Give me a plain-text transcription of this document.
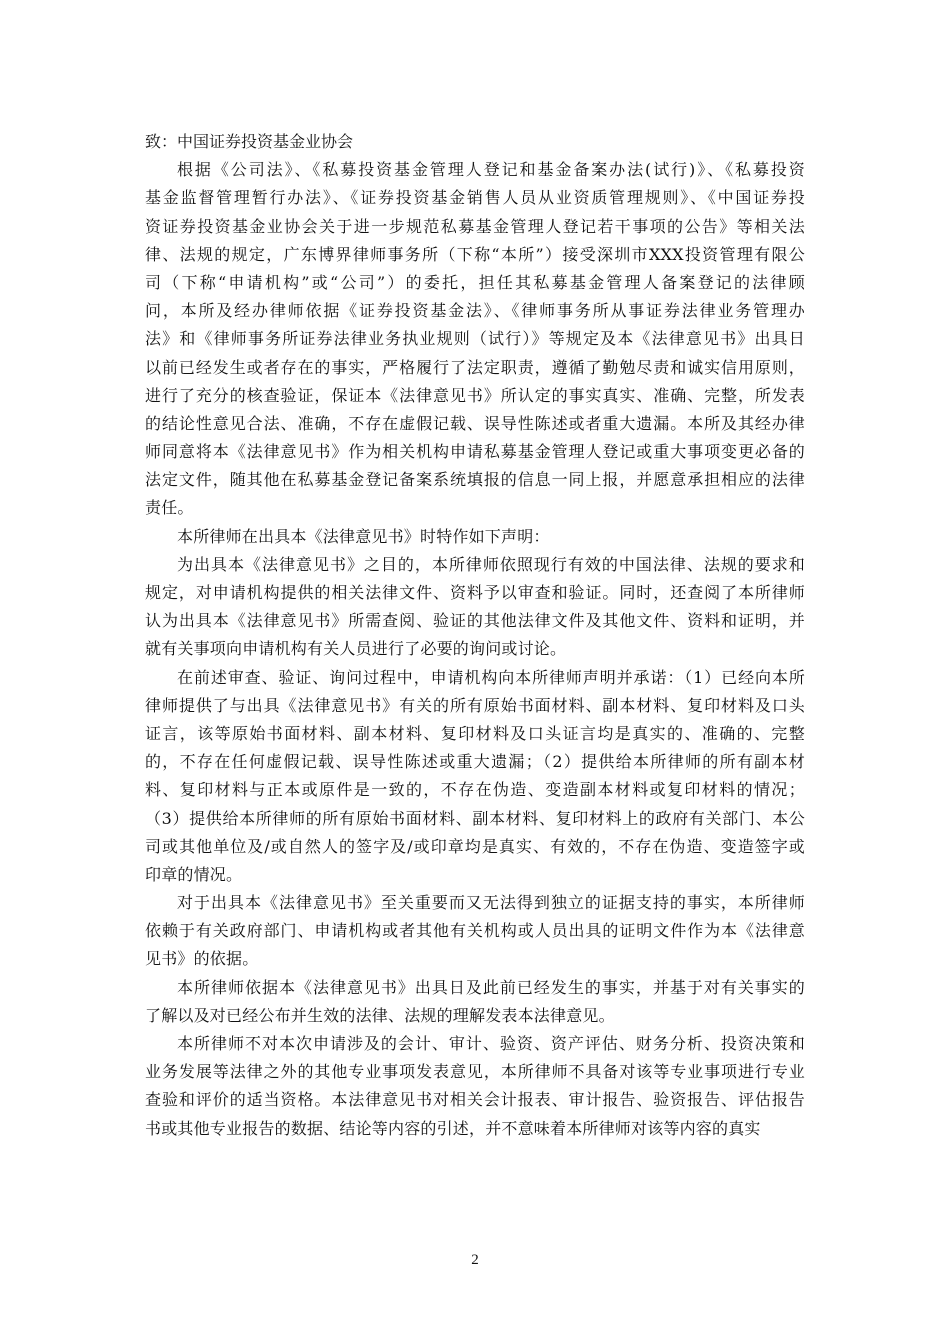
致：中国证券投资基金业协会
根据《公司法》、《私募投资基金管理人登记和基金备案办法(试行)》、《私募投资
基金监督管理暂行办法》、《证券投资基金销售人员从业资质管理规则》、《中国证券投
资证券投资基金业协会关于进一步规范私募基金管理人登记若干事项的公告》等相关法
律、法规的规定，广东博界律师事务所（下称“本所”）接受深圳市XXX投资管理有限公
司（下称“申请机构”或“公司”）的委托，担任其私募基金管理人备案登记的法律顾
问，本所及经办律师依据《证券投资基金法》、《律师事务所从事证券法律业务管理办
法》和《律师事务所证券法律业务执业规则（试行）》等规定及本《法律意见书》出具日
以前已经发生或者存在的事实，严格履行了法定职责，遵循了勤勉尽责和诚实信用原则，
进行了充分的核查验证，保证本《法律意见书》所认定的事实真实、准确、完整，所发表
的结论性意见合法、准确，不存在虚假记载、误导性陈述或者重大遗漏。本所及其经办律
师同意将本《法律意见书》作为相关机构申请私募基金管理人登记或重大事项变更必备的
法定文件，随其他在私募基金登记备案系统填报的信息一同上报，并愿意承担相应的法律
责任。
本所律师在出具本《法律意见书》时特作如下声明：
为出具本《法律意见书》之目的，本所律师依照现行有效的中国法律、法规的要求和
规定，对申请机构提供的相关法律文件、资料予以审查和验证。同时，还查阅了本所律师
认为出具本《法律意见书》所需查阅、验证的其他法律文件及其他文件、资料和证明，并
就有关事项向申请机构有关人员进行了必要的询问或讨论。
在前述审查、验证、询问过程中，申请机构向本所律师声明并承诺：（1）已经向本所
律师提供了与出具《法律意见书》有关的所有原始书面材料、副本材料、复印材料及口头
证言，该等原始书面材料、副本材料、复印材料及口头证言均是真实的、准确的、完整
的，不存在任何虚假记载、误导性陈述或重大遗漏；（2）提供给本所律师的所有副本材
料、复印材料与正本或原件是一致的，不存在伪造、变造副本材料或复印材料的情况；
（3）提供给本所律师的所有原始书面材料、副本材料、复印材料上的政府有关部门、本公
司或其他单位及/或自然人的签字及/或印章均是真实、有效的，不存在伪造、变造签字或
印章的情况。
对于出具本《法律意见书》至关重要而又无法得到独立的证据支持的事实，本所律师
依赖于有关政府部门、申请机构或者其他有关机构或人员出具的证明文件作为本《法律意
见书》的依据。
本所律师依据本《法律意见书》出具日及此前已经发生的事实，并基于对有关事实的
了解以及对已经公布并生效的法律、法规的理解发表本法律意见。
本所律师不对本次申请涉及的会计、审计、验资、资产评估、财务分析、投资决策和
业务发展等法律之外的其他专业事项发表意见，本所律师不具备对该等专业事项进行专业
查验和评价的适当资格。本法律意见书对相关会计报表、审计报告、验资报告、评估报告
书或其他专业报告的数据、结论等内容的引述，并不意味着本所律师对该等内容的真实
2
